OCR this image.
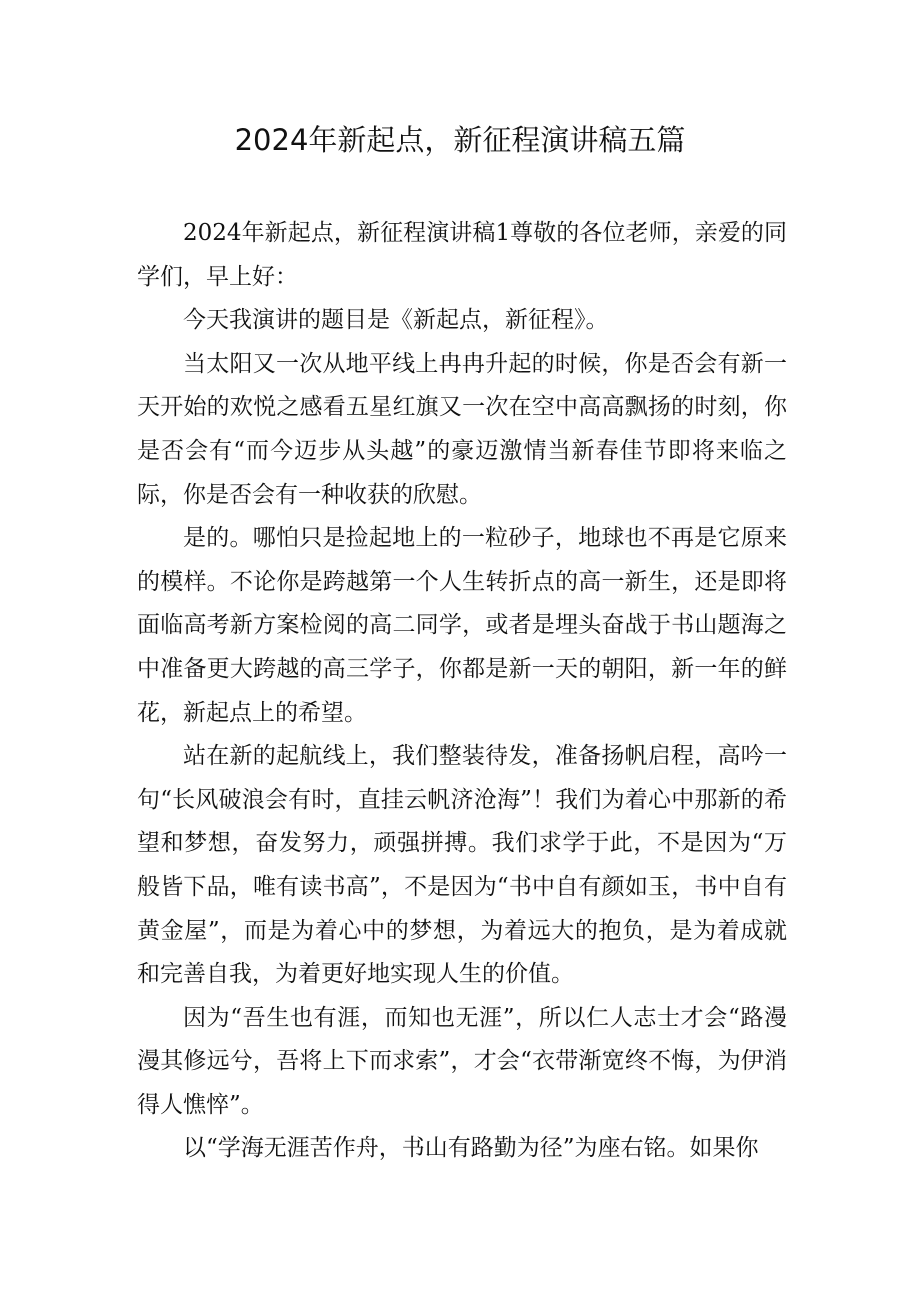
2024年新起点，新征程演讲稿五篇

2024年新起点，新征程演讲稿1尊敬的各位老师，亲爱的同学们，早上好：

今天我演讲的题目是《新起点，新征程》。

当太阳又一次从地平线上冉冉升起的时候，你是否会有新一天开始的欢悦之感看五星红旗又一次在空中高高飘扬的时刻，你是否会有“而今迈步从头越”的豪迈激情当新春佳节即将来临之际，你是否会有一种收获的欣慰。

是的。哪怕只是捡起地上的一粒砂子，地球也不再是它原来的模样。不论你是跨越第一个人生转折点的高一新生，还是即将面临高考新方案检阅的高二同学，或者是埋头奋战于书山题海之中准备更大跨越的高三学子，你都是新一天的朝阳，新一年的鲜花，新起点上的希望。

站在新的起航线上，我们整装待发，准备扬帆启程，高吟一句“长风破浪会有时，直挂云帆济沧海”！我们为着心中那新的希望和梦想，奋发努力，顽强拼搏。我们求学于此，不是因为“万般皆下品，唯有读书高”，不是因为“书中自有颜如玉，书中自有黄金屋”，而是为着心中的梦想，为着远大的抱负，是为着成就和完善自我，为着更好地实现人生的价值。

因为“吾生也有涯，而知也无涯”，所以仁人志士才会“路漫漫其修远兮，吾将上下而求索”，才会“衣带渐宽终不悔，为伊消得人憔悴”。

以“学海无涯苦作舟，书山有路勤为径”为座右铭。如果你
